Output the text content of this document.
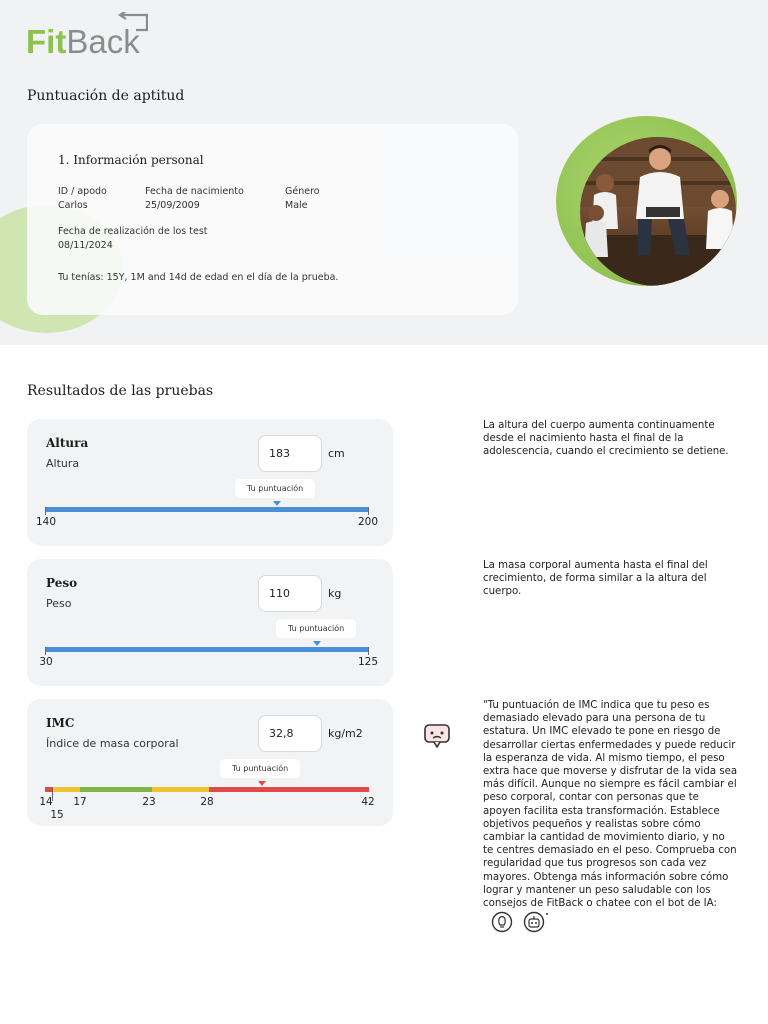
FitBack
Puntuación de aptitud
1. Información personal
ID / apodo
Carlos
Fecha de nacimiento
25/09/2009
Género
Male
Fecha de realización de los test
08/11/2024
Tu tenías: 15Y, 1M and 14d de edad en el día de la prueba.
Resultados de las pruebas
Altura
Altura
183	cm
Tu puntuación
140	200
La altura del cuerpo aumenta continuamente desde el nacimiento hasta el final de la adolescencia, cuando el crecimiento se detiene.
Peso
Peso
110	kg
Tu puntuación
30	125
La masa corporal aumenta hasta el final del crecimiento, de forma similar a la altura del cuerpo.
IMC
Índice de masa corporal
32,8	kg/m2
Tu puntuación
14
15
17	23	28	42
"Tu puntuación de IMC indica que tu peso es demasiado elevado para una persona de tu estatura. Un IMC elevado te pone en riesgo de desarrollar ciertas enfermedades y puede reducir la esperanza de vida. Al mismo tiempo, el peso extra hace que moverse y disfrutar de la vida sea más difícil. Aunque no siempre es fácil cambiar el peso corporal, contar con personas que te apoyen facilita esta transformación. Establece objetivos pequeños y realistas sobre cómo cambiar la cantidad de movimiento diario, y no te centres demasiado en el peso. Comprueba con regularidad que tus progresos son cada vez mayores. Obtenga más información sobre cómo lograr y mantener un peso saludable con los consejos de FitBack o chatee con el bot de IA:
